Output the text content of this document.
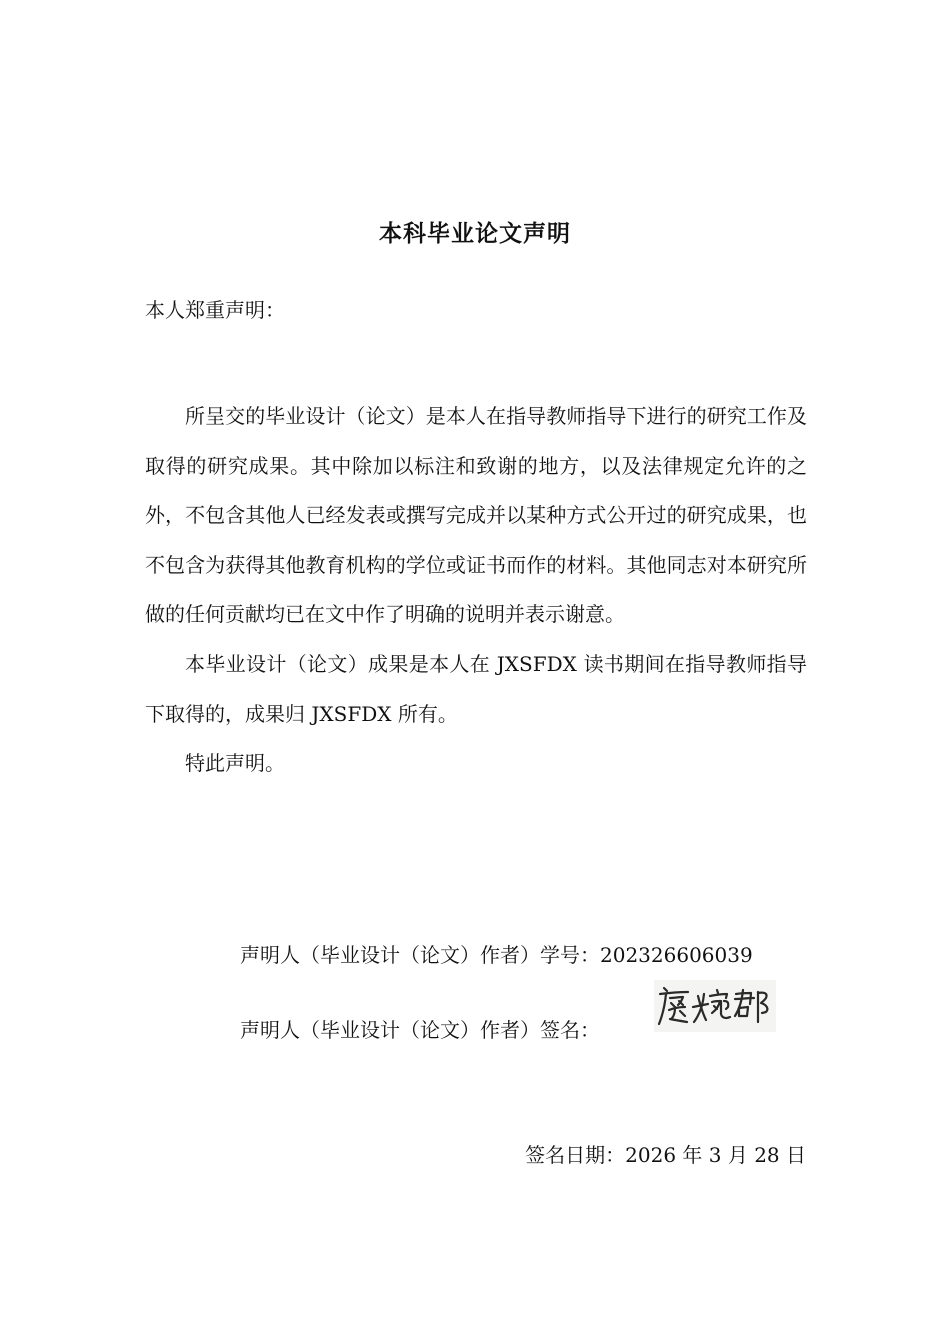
本科毕业论文声明
本人郑重声明：

所呈交的毕业设计（论文）是本人在指导教师指导下进行的研究工作及取得的研究成果。其中除加以标注和致谢的地方，以及法律规定允许的之外，不包含其他人已经发表或撰写完成并以某种方式公开过的研究成果，也不包含为获得其他教育机构的学位或证书而作的材料。其他同志对本研究所做的任何贡献均已在文中作了明确的说明并表示谢意。

本毕业设计（论文）成果是本人在 JXSFDX 读书期间在指导教师指导下取得的，成果归 JXSFDX 所有。

特此声明。

声明人（毕业设计（论文）作者）学号：202326606039
声明人（毕业设计（论文）作者）签名：
签名日期：2026 年 3 月 28 日
